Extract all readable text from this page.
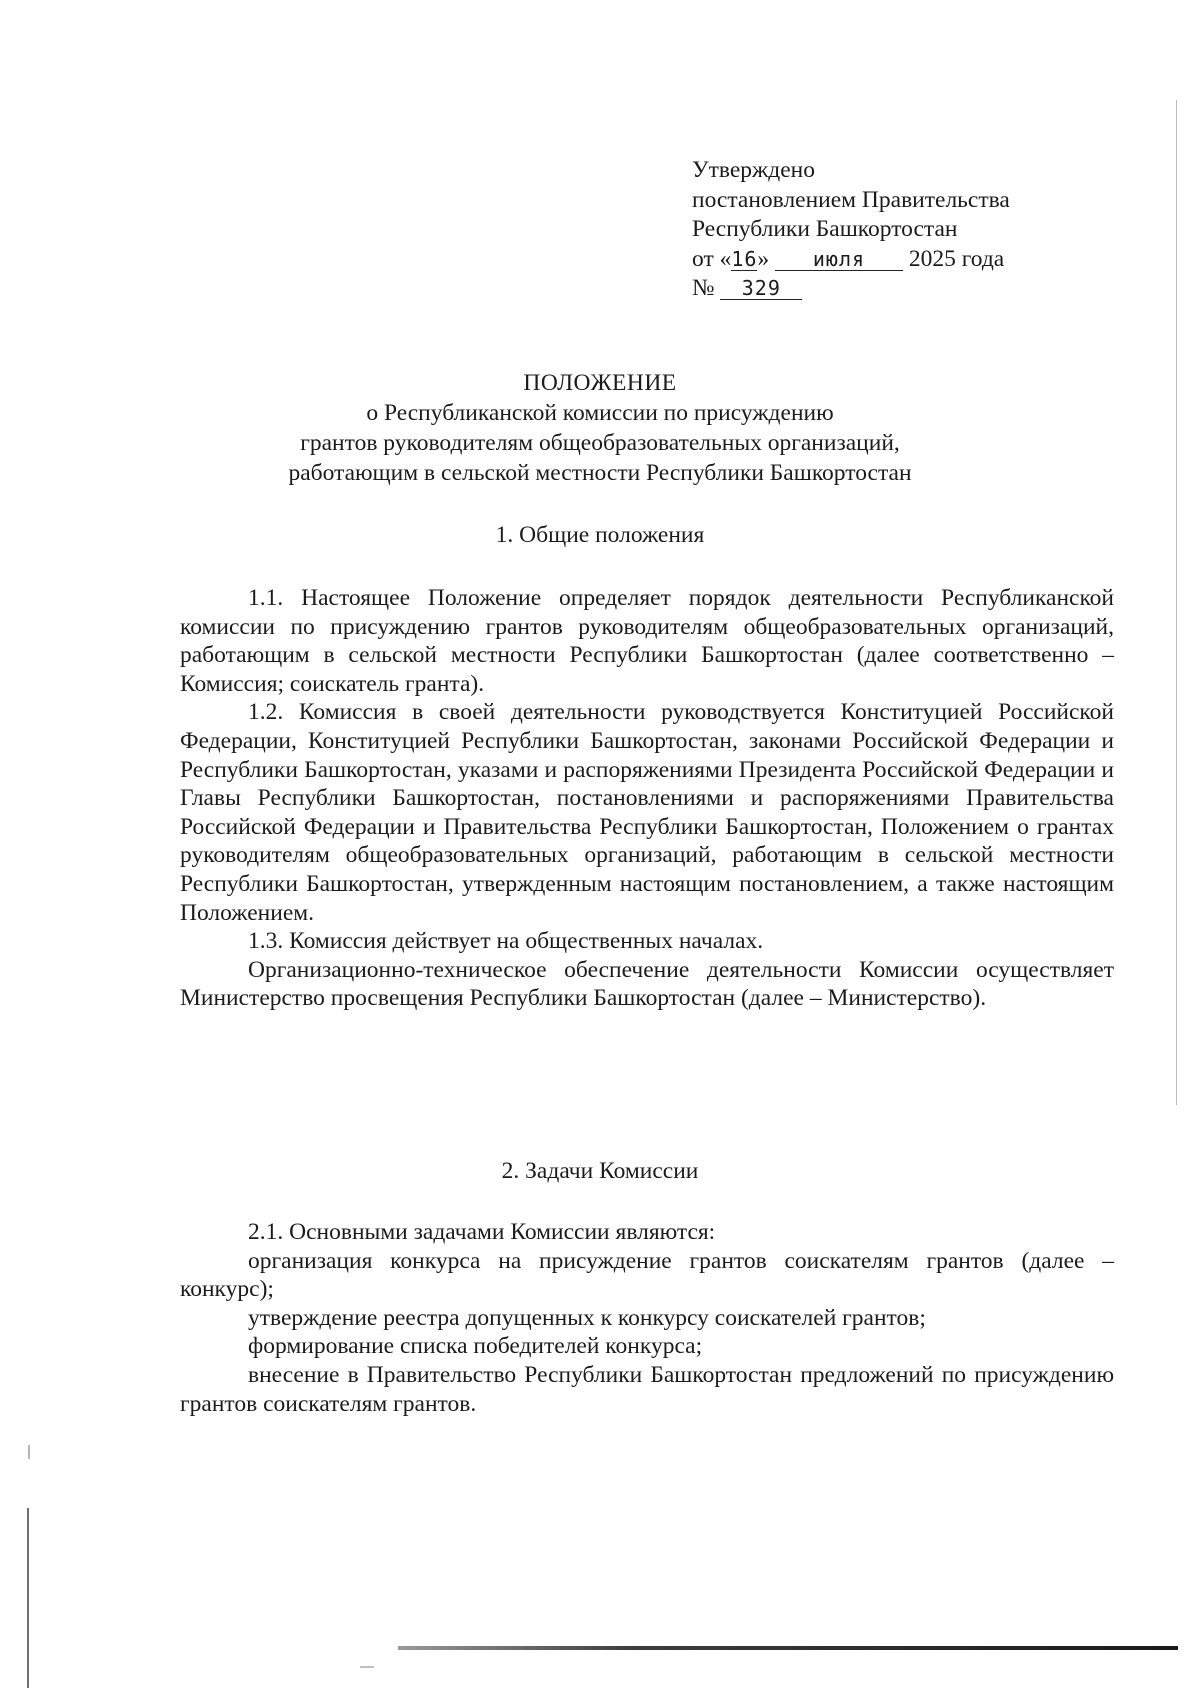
Утверждено
постановлением Правительства
Республики Башкортостан
от «16» июля 2025 года
№ 329
ПОЛОЖЕНИЕ
о Республиканской комиссии по присуждению
грантов руководителям общеобразовательных организаций,
работающим в сельской местности Республики Башкортостан
1. Общие положения

1.1. Настоящее Положение определяет порядок деятельности Республиканской комиссии по присуждению грантов руководителям общеобразовательных организаций, работающим в сельской местности Республики Башкортостан (далее соответственно – Комиссия; соискатель гранта).

1.2. Комиссия в своей деятельности руководствуется Конституцией Российской Федерации, Конституцией Республики Башкортостан, законами Российской Федерации и Республики Башкортостан, указами и распоряжениями Президента Российской Федерации и Главы Республики Башкортостан, постановлениями и распоряжениями Правительства Российской Федерации и Правительства Республики Башкортостан, Положением о грантах руководителям общеобразовательных организаций, работающим в сельской местности Республики Башкортостан, утвержденным настоящим постановлением, а также настоящим Положением.

1.3. Комиссия действует на общественных началах.

Организационно-техническое обеспечение деятельности Комиссии осуществляет Министерство просвещения Республики Башкортостан (далее – Министерство).

2. Задачи Комиссии

2.1. Основными задачами Комиссии являются:

организация конкурса на присуждение грантов соискателям грантов (далее – конкурс);

утверждение реестра допущенных к конкурсу соискателей грантов;

формирование списка победителей конкурса;

внесение в Правительство Республики Башкортостан предложений по присуждению грантов соискателям грантов.
